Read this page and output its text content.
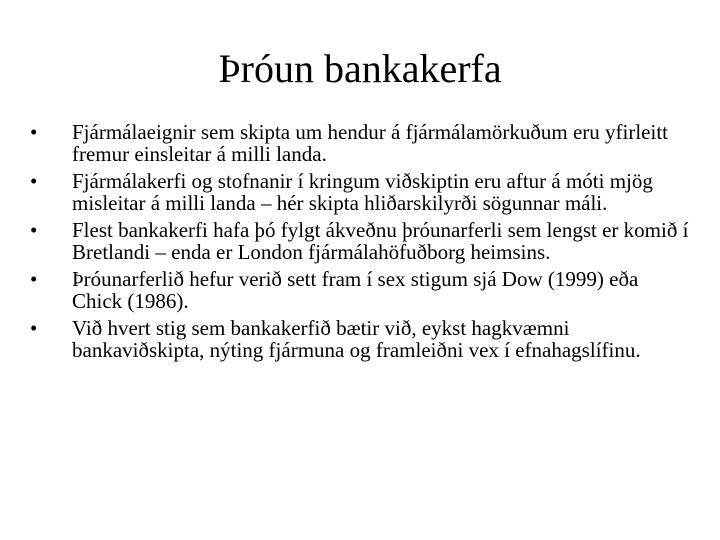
Þróun bankakerfa
•	Fjármálaeignir sem skipta um hendur á fjármálamörkuðum eru yfirleitt fremur einsleitar á milli landa.
•	Fjármálakerfi og stofnanir í kringum viðskiptin eru aftur á móti mjög misleitar á milli landa – hér skipta hliðarskilyrði sögunnar máli.
•	Flest bankakerfi hafa þó fylgt ákveðnu þróunarferli sem lengst er komið í Bretlandi – enda er London fjármálahöfuðborg heimsins.
•	Þróunarferlið hefur verið sett fram í sex stigum sjá Dow (1999) eða Chick (1986).
•	Við hvert stig sem bankakerfið bætir við, eykst hagkvæmni bankaviðskipta, nýting fjármuna og framleiðni vex í efnahagslífinu.
